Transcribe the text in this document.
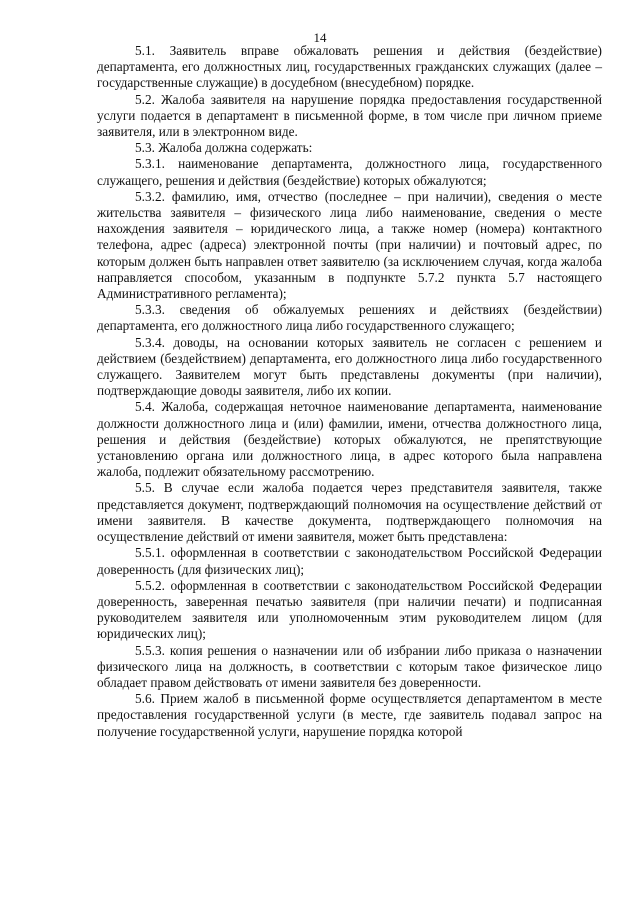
14

5.1. Заявитель вправе обжаловать решения и действия (бездействие) департамента, его должностных лиц, государственных гражданских служащих (далее – государственные служащие) в досудебном (внесудебном) порядке.

5.2. Жалоба заявителя на нарушение порядка предоставления государственной услуги подается в департамент в письменной форме, в том числе при личном приеме заявителя, или в электронном виде.

5.3. Жалоба должна содержать:

5.3.1. наименование департамента, должностного лица, государственного служащего, решения и действия (бездействие) которых обжалуются;

5.3.2. фамилию, имя, отчество (последнее – при наличии), сведения о месте жительства заявителя – физического лица либо наименование, сведения о месте нахождения заявителя – юридического лица, а также номер (номера) контактного телефона, адрес (адреса) электронной почты (при наличии) и почтовый адрес, по которым должен быть направлен ответ заявителю (за исключением случая, когда жалоба направляется способом, указанным в подпункте 5.7.2 пункта 5.7 настоящего Административного регламента);

5.3.3. сведения об обжалуемых решениях и действиях (бездействии) департамента, его должностного лица либо государственного служащего;

5.3.4. доводы, на основании которых заявитель не согласен с решением и действием (бездействием) департамента, его должностного лица либо государственного служащего. Заявителем могут быть представлены документы (при наличии), подтверждающие доводы заявителя, либо их копии.

5.4. Жалоба, содержащая неточное наименование департамента, наименование должности должностного лица и (или) фамилии, имени, отчества должностного лица, решения и действия (бездействие) которых обжалуются, не препятствующие установлению органа или должностного лица, в адрес которого была направлена жалоба, подлежит обязательному рассмотрению.

5.5. В случае если жалоба подается через представителя заявителя, также представляется документ, подтверждающий полномочия на осуществление действий от имени заявителя. В качестве документа, подтверждающего полномочия на осуществление действий от имени заявителя, может быть представлена:

5.5.1. оформленная в соответствии с законодательством Российской Федерации доверенность (для физических лиц);

5.5.2. оформленная в соответствии с законодательством Российской Федерации доверенность, заверенная печатью заявителя (при наличии печати) и подписанная руководителем заявителя или уполномоченным этим руководителем лицом (для юридических лиц);

5.5.3. копия решения о назначении или об избрании либо приказа о назначении физического лица на должность, в соответствии с которым такое физическое лицо обладает правом действовать от имени заявителя без доверенности.

5.6. Прием жалоб в письменной форме осуществляется департаментом в месте предоставления государственной услуги (в месте, где заявитель подавал запрос на получение государственной услуги, нарушение порядка которой
